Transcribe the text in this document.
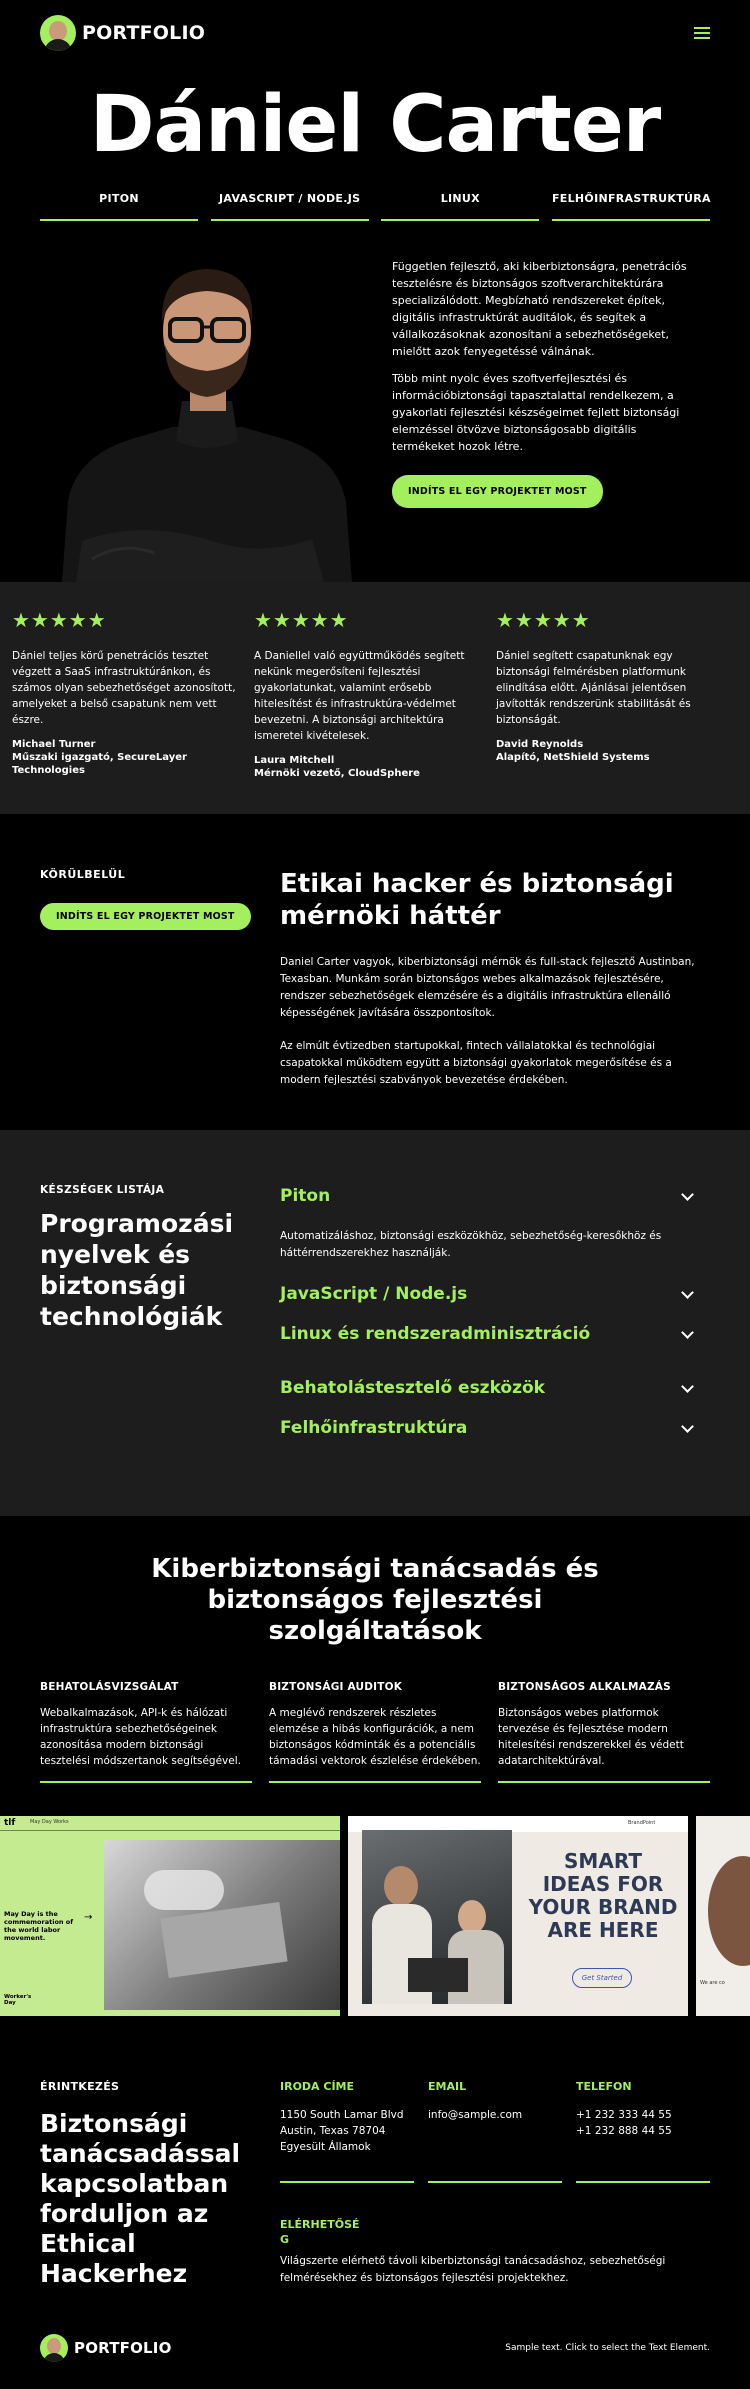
PORTFOLIO
Dániel Carter
PITON	JAVASCRIPT / NODE.JS	LINUX	FELHŐINFRASTRUKTÚRA

Független fejlesztő, aki kiberbiztonságra, penetrációs tesztelésre és biztonságos szoftverarchitektúrára specializálódott. Megbízható rendszereket építek, digitális infrastruktúrát auditálok, és segítek a vállalkozásoknak azonosítani a sebezhetőségeket, mielőtt azok fenyegetéssé válnának.

Több mint nyolc éves szoftverfejlesztési és információbiztonsági tapasztalattal rendelkezem, a gyakorlati fejlesztési készségeimet fejlett biztonsági elemzéssel ötvözve biztonságosabb digitális termékeket hozok létre.

INDÍTS EL EGY PROJEKTET MOST
★★★★★

Dániel teljes körű penetrációs tesztet végzett a SaaS infrastruktúránkon, és számos olyan sebezhetőséget azonosított, amelyeket a belső csapatunk nem vett észre.

Michael Turner
Műszaki igazgató, SecureLayer Technologies
★★★★★

A Daniellel való együttműködés segített nekünk megerősíteni fejlesztési gyakorlatunkat, valamint erősebb hitelesítést és infrastruktúra-védelmet bevezetni. A biztonsági architektúra ismeretei kivételesek.

Laura Mitchell
Mérnöki vezető, CloudSphere
★★★★★

Dániel segített csapatunknak egy biztonsági felmérésben platformunk elindítása előtt. Ajánlásai jelentősen javították rendszerünk stabilitását és biztonságát.

David Reynolds
Alapító, NetShield Systems
KÖRÜLBELÜL
INDÍTS EL EGY PROJEKTET MOST
Etikai hacker és biztonsági mérnöki háttér

Daniel Carter vagyok, kiberbiztonsági mérnök és full-stack fejlesztő Austinban, Texasban. Munkám során biztonságos webes alkalmazások fejlesztésére, rendszer sebezhetőségek elemzésére és a digitális infrastruktúra ellenálló képességének javítására összpontosítok.

Az elmúlt évtizedben startupokkal, fintech vállalatokkal és technológiai csapatokkal működtem együtt a biztonsági gyakorlatok megerősítése és a modern fejlesztési szabványok bevezetése érdekében.

KÉSZSÉGEK LISTÁJA
Programozási nyelvek és biztonsági technológiák
Piton

Automatizáláshoz, biztonsági eszközökhöz, sebezhetőség-keresőkhöz és háttérrendszerekhez használják.

JavaScript / Node.js
Linux és rendszeradminisztráció
Behatolástesztelő eszközök
Felhőinfrastruktúra
Kiberbiztonsági tanácsadás és biztonságos fejlesztési szolgáltatások
BEHATOLÁSVIZSGÁLAT

Webalkalmazások, API-k és hálózati infrastruktúra sebezhetőségeinek azonosítása modern biztonsági tesztelési módszertanok segítségével.

BIZTONSÁGI AUDITOK

A meglévő rendszerek részletes elemzése a hibás konfigurációk, a nem biztonságos kódminták és a potenciális támadási vektorok észlelése érdekében.

BIZTONSÁGOS ALKALMAZÁS

Biztonságos webes platformok tervezése és fejlesztése modern hitelesítési rendszerekkel és védett adatarchitektúrával.

tlf	May Day Works
May Day is the commemoration of the world labor movement.
→
Worker's Day
BrandPoint
SMART IDEAS FOR YOUR BRAND ARE HERE
Get Started
We are co
ÉRINTKEZÉS
Biztonsági tanácsadással kapcsolatban forduljon az Ethical Hackerhez
IRODA CÍME

1150 South Lamar Blvd

Austin, Texas 78704

Egyesült Államok

EMAIL

info@sample.com

TELEFON

+1 232 333 44 55

+1 232 888 44 55

ELÉRHETŐSÉG

Világszerte elérhető távoli kiberbiztonsági tanácsadáshoz, sebezhetőségi felmérésekhez és biztonságos fejlesztési projektekhez.

PORTFOLIO	Sample text. Click to select the Text Element.
